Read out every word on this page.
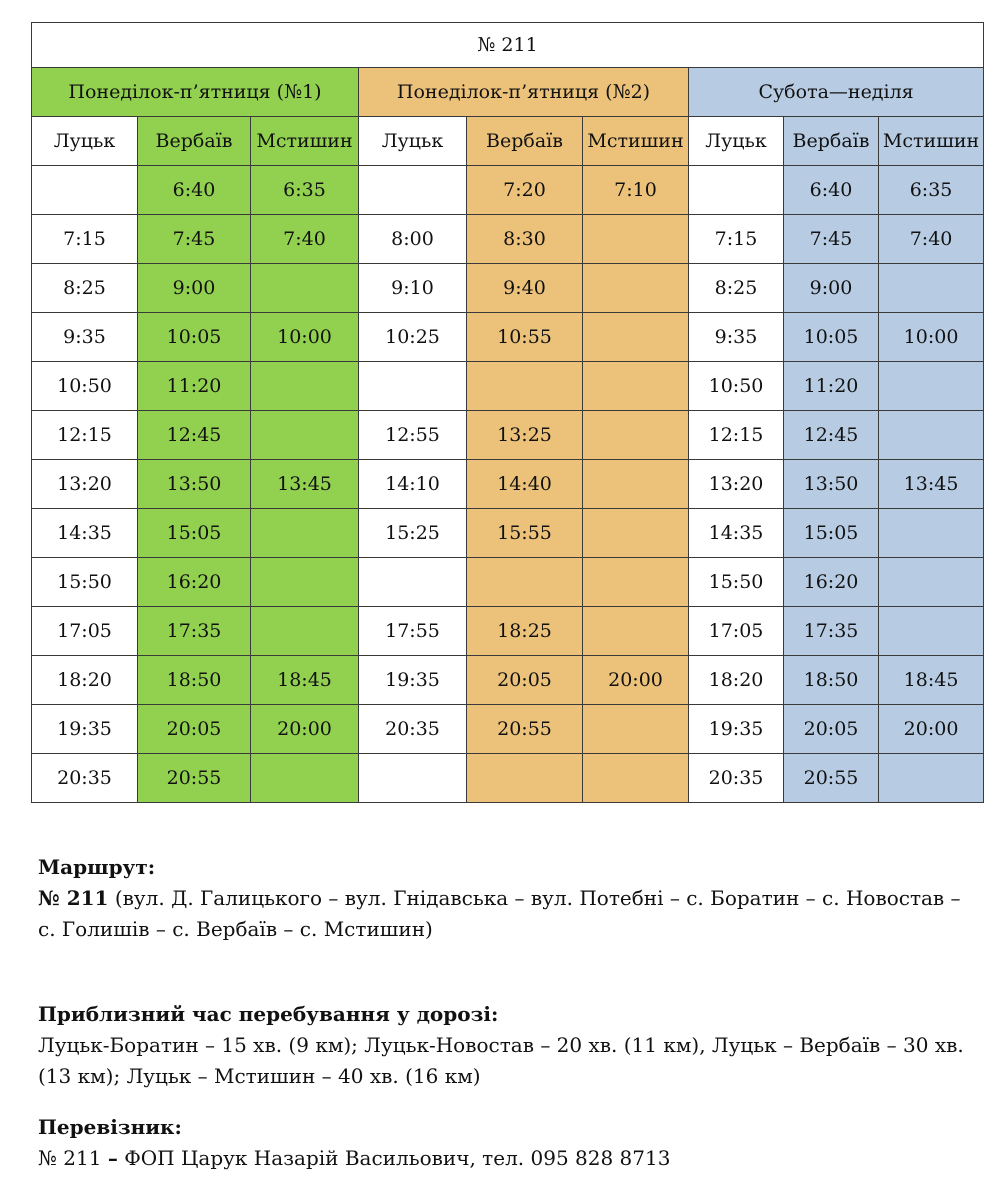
№ 211								
Понеділок-п’ятниця (№1)			Понеділок-п’ятниця (№2)			Субота—неділя		
Луцьк	Вербаїв	Мстишин	Луцьк	Вербаїв	Мстишин	Луцьк	Вербаїв	Мстишин
	6:40	6:35		7:20	7:10		6:40	6:35
7:15	7:45	7:40	8:00	8:30		7:15	7:45	7:40
8:25	9:00		9:10	9:40		8:25	9:00	
9:35	10:05	10:00	10:25	10:55		9:35	10:05	10:00
10:50	11:20					10:50	11:20	
12:15	12:45		12:55	13:25		12:15	12:45	
13:20	13:50	13:45	14:10	14:40		13:20	13:50	13:45
14:35	15:05		15:25	15:55		14:35	15:05	
15:50	16:20					15:50	16:20	
17:05	17:35		17:55	18:25		17:05	17:35	
18:20	18:50	18:45	19:35	20:05	20:00	18:20	18:50	18:45
19:35	20:05	20:00	20:35	20:55		19:35	20:05	20:00
20:35	20:55					20:35	20:55	

Маршрут:

№ 211 (вул. Д. Галицького – вул. Гнідавська – вул. Потебні – с. Боратин – с. Новостав – с. Голишів – с. Вербаїв – с. Мстишин)

Приблизний час перебування у дорозі:

Луцьк-Боратин – 15 хв. (9 км); Луцьк-Новостав – 20 хв. (11 км), Луцьк – Вербаїв – 30 хв. (13 км); Луцьк – Мстишин – 40 хв. (16 км)

Перевізник:

№ 211 – ФОП Царук Назарій Васильович, тел. 095 828 8713
